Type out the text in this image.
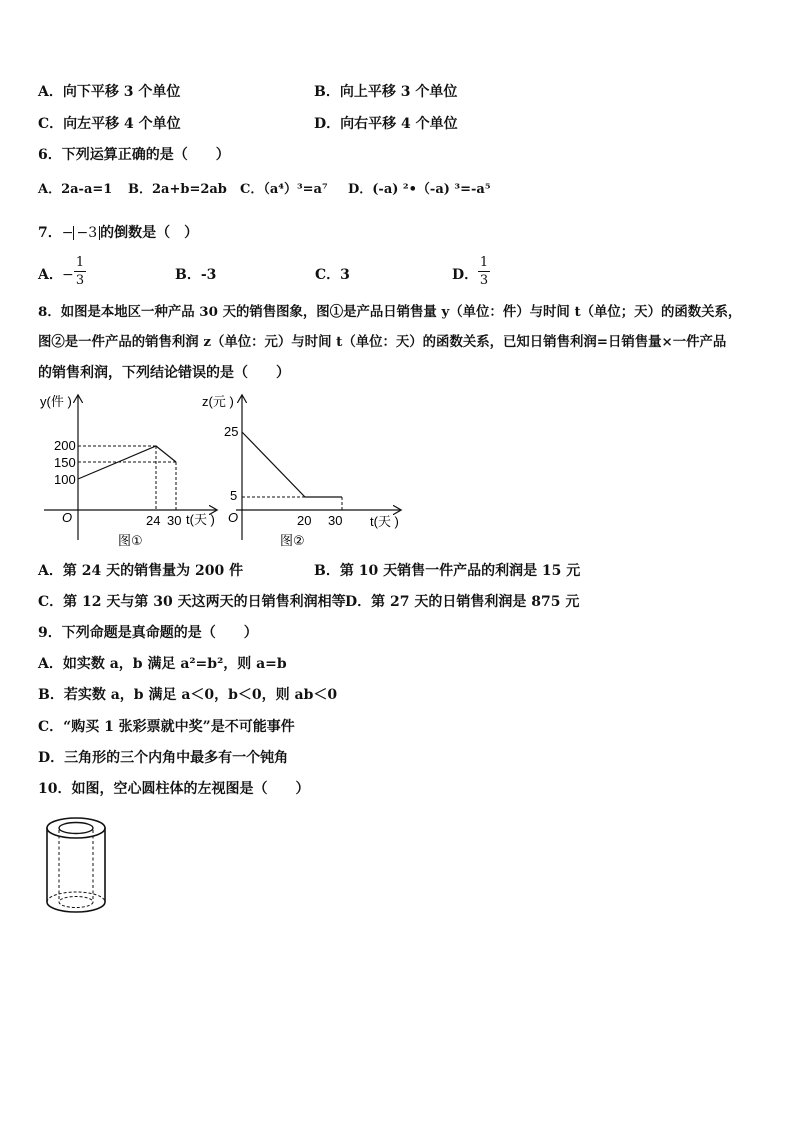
A．向下平移 3 个单位	B．向上平移 3 个单位
C．向左平移 4 个单位	D．向右平移 4 个单位
6．下列运算正确的是（　　）
A．2a-a=1 B．2a+b=2ab C．（a⁴）³=a⁷ D．(-a) ²•（-a) ³=-a⁵
7．− −3 的倒数是（　）
A． −
1
3	B．-3	C．3	D．
1
3
8．如图是本地区一种产品 30 天的销售图象，图①是产品日销售量 y（单位：件）与时间 t（单位；天）的函数关系，
图②是一件产品的销售利润 z（单位：元）与时间 t（单位：天）的函数关系，已知日销售利润=日销售量×一件产品
的销售利润，下列结论错误的是（　　）
y(件 )
O	t(天 )
200
150
100
24 30
图①
z(元 )
O	t(天 )
25
5
20 30
图②
A．第 24 天的销售量为 200 件	B．第 10 天销售一件产品的利润是 15 元
C．第 12 天与第 30 天这两天的日销售利润相等 D．第 27 天的日销售利润是 875 元
9．下列命题是真命题的是（　　）
A．如实数 a，b 满足 a²=b²，则 a=b
B．若实数 a，b 满足 a＜0，b＜0，则 ab＜0
C．“购买 1 张彩票就中奖”是不可能事件
D．三角形的三个内角中最多有一个钝角
10．如图，空心圆柱体的左视图是（　　）
